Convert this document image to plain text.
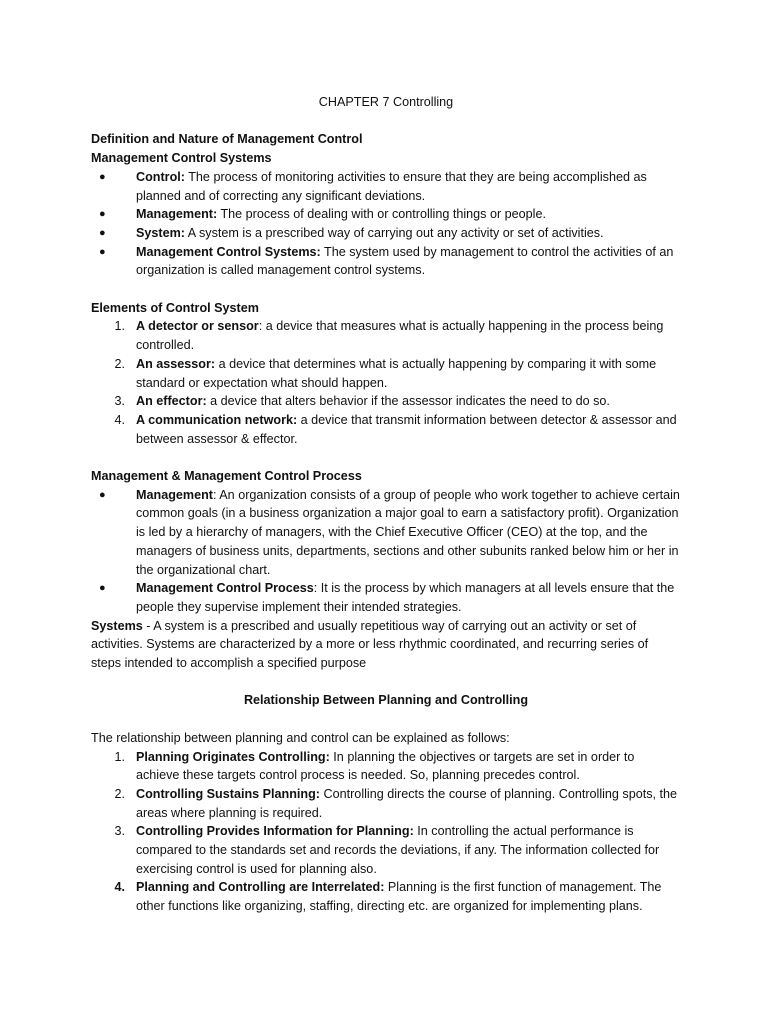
CHAPTER 7 Controlling

Definition and Nature of Management Control

Management Control Systems

●	Control: The process of monitoring activities to ensure that they are being accomplished as planned and of correcting any significant deviations.
●	Management: The process of dealing with or controlling things or people.
●	System: A system is a prescribed way of carrying out any activity or set of activities.
●	Management Control Systems: The system used by management to control the activities of an organization is called management control systems.

Elements of Control System

1. A detector or sensor: a device that measures what is actually happening in the process being controlled.
2. An assessor: a device that determines what is actually happening by comparing it with some standard or expectation what should happen.
3. An effector: a device that alters behavior if the assessor indicates the need to do so.
4. A communication network: a device that transmit information between detector & assessor and between assessor & effector.

Management & Management Control Process

●	Management: An organization consists of a group of people who work together to achieve certain common goals (in a business organization a major goal to earn a satisfactory profit). Organization is led by a hierarchy of managers, with the Chief Executive Officer (CEO) at the top, and the managers of business units, departments, sections and other subunits ranked below him or her in the organizational chart.
●	Management Control Process: It is the process by which managers at all levels ensure that the people they supervise implement their intended strategies.

Systems - A system is a prescribed and usually repetitious way of carrying out an activity or set of activities. Systems are characterized by a more or less rhythmic coordinated, and recurring series of steps intended to accomplish a specified purpose

Relationship Between Planning and Controlling

The relationship between planning and control can be explained as follows:

1. Planning Originates Controlling: In planning the objectives or targets are set in order to achieve these targets control process is needed. So, planning precedes control.
2. Controlling Sustains Planning: Controlling directs the course of planning. Controlling spots, the areas where planning is required.
3. Controlling Provides Information for Planning: In controlling the actual performance is compared to the standards set and records the deviations, if any. The information collected for exercising control is used for planning also.
4. Planning and Controlling are Interrelated: Planning is the first function of management. The other functions like organizing, staffing, directing etc. are organized for implementing plans.
